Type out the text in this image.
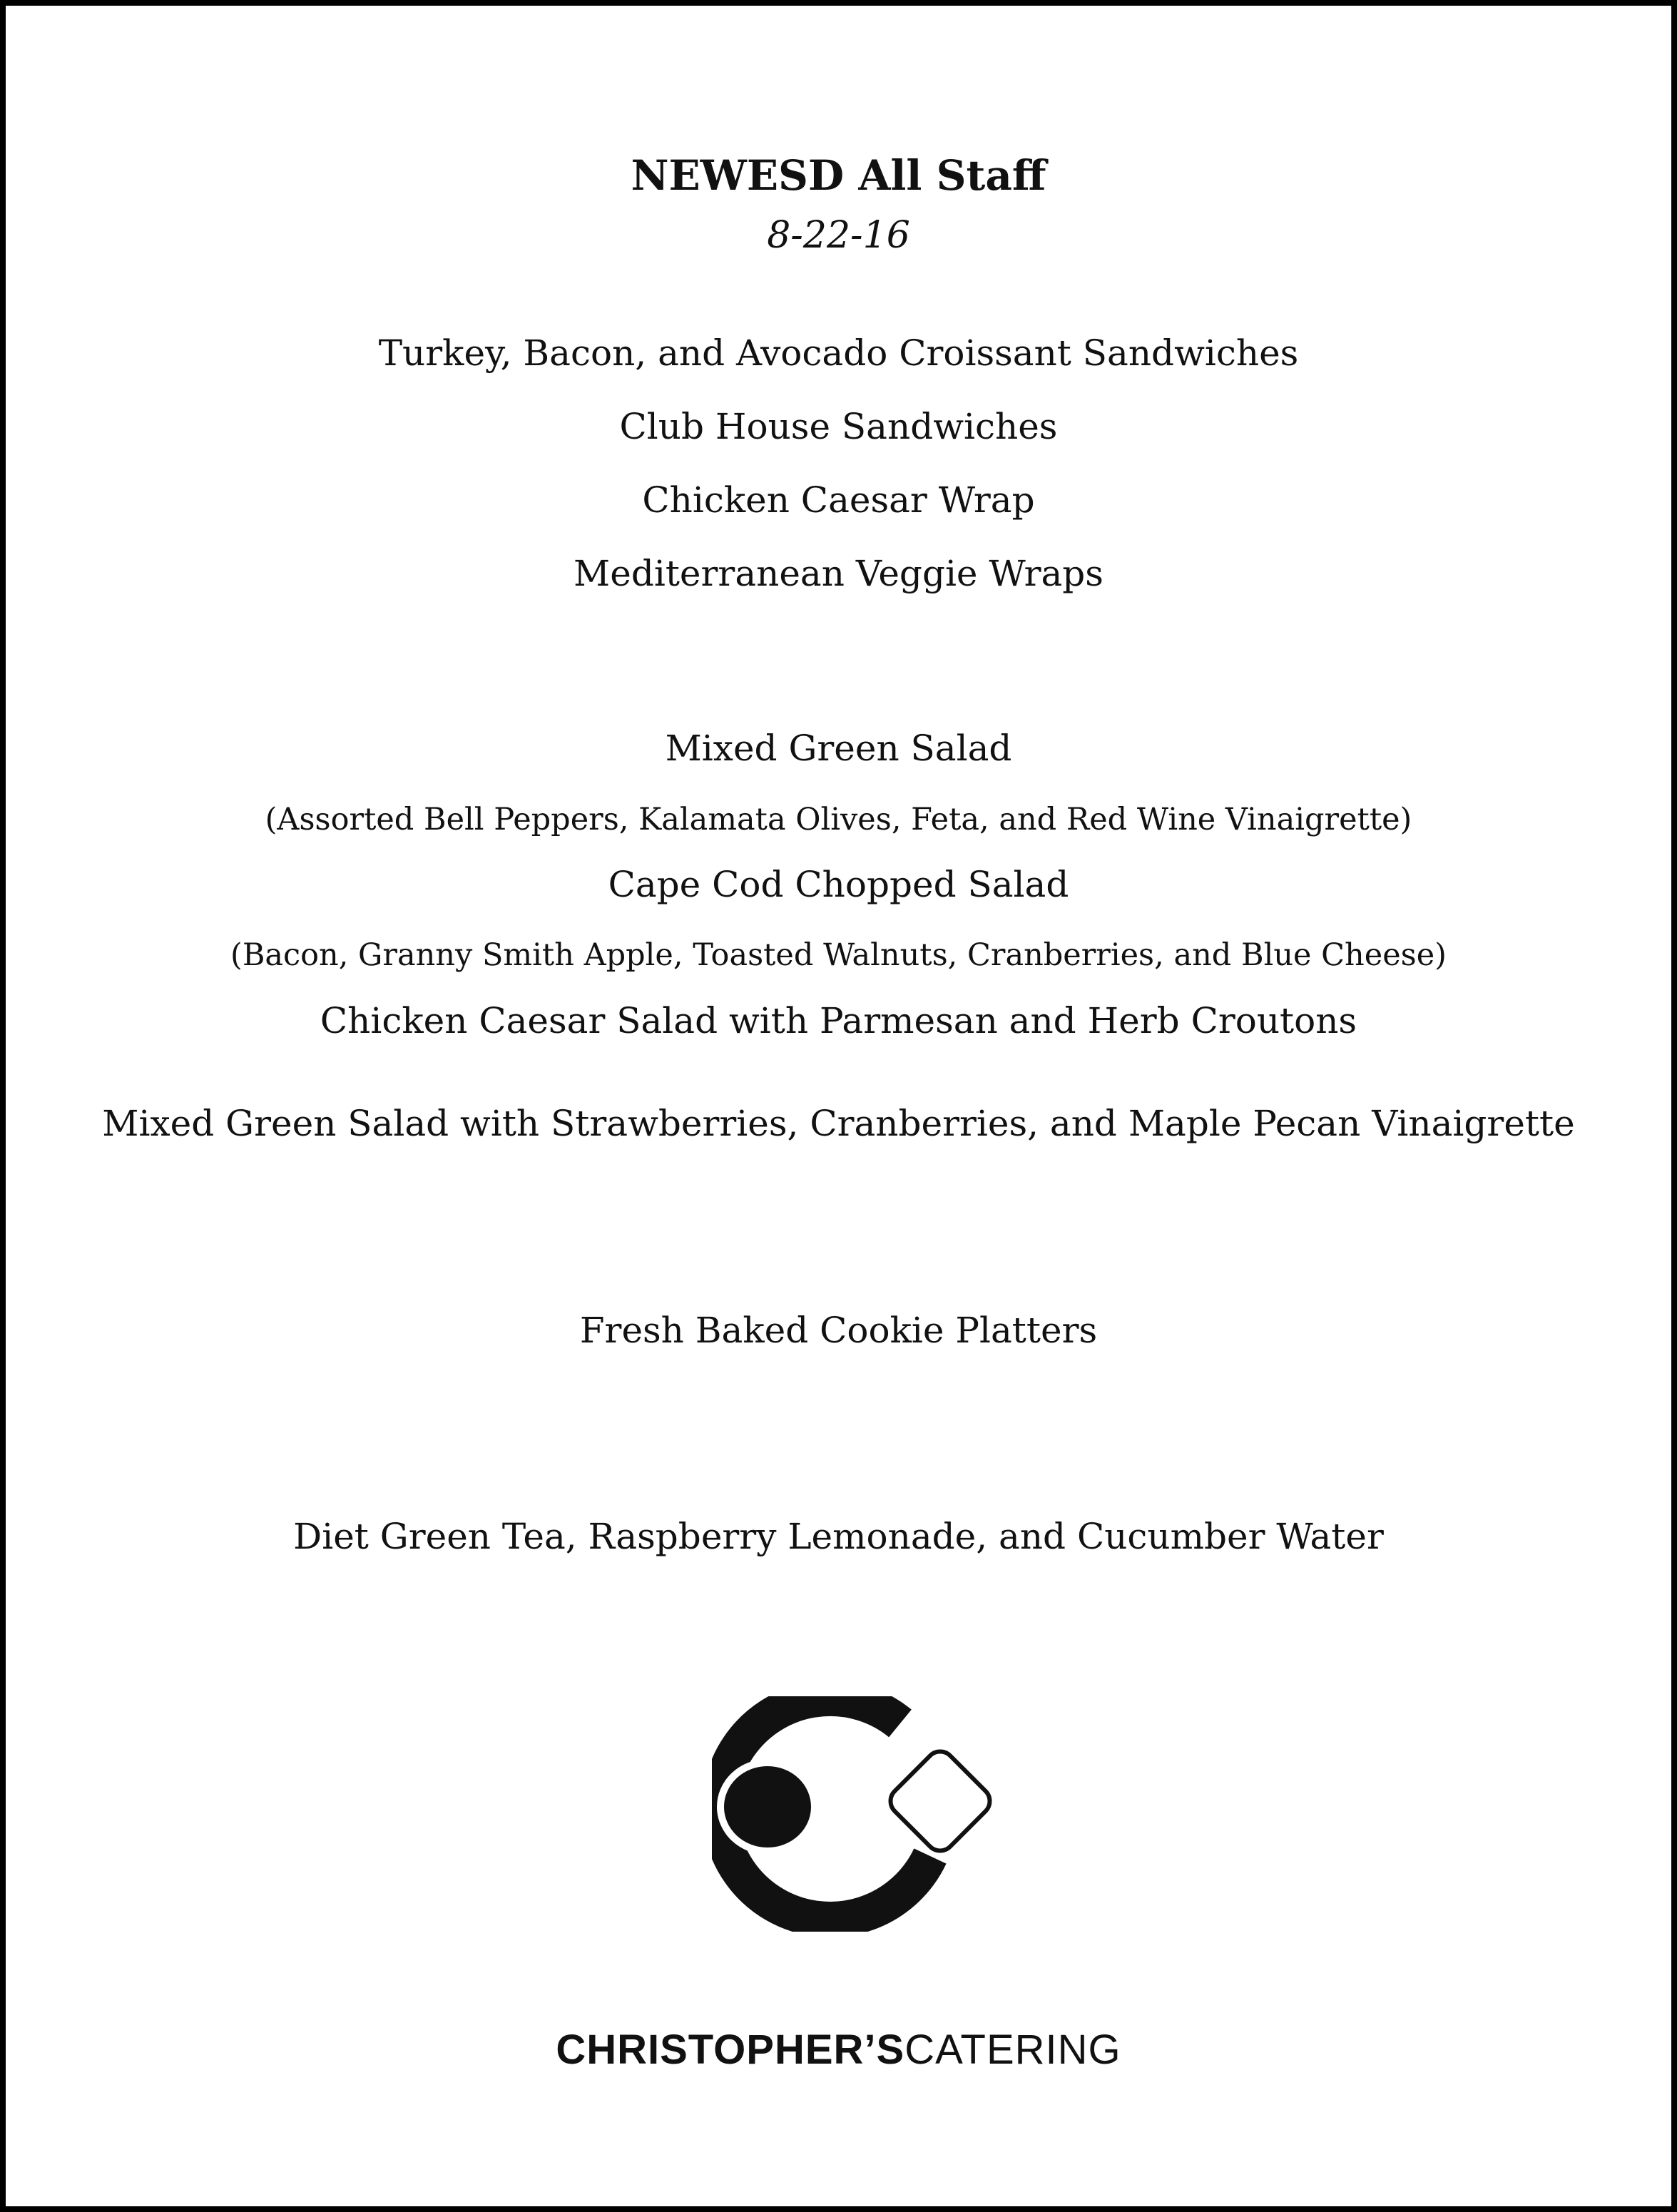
NEWESD All Staff
8-22-16
Turkey, Bacon, and Avocado Croissant Sandwiches
Club House Sandwiches
Chicken Caesar Wrap
Mediterranean Veggie Wraps
Mixed Green Salad
(Assorted Bell Peppers, Kalamata Olives, Feta, and Red Wine Vinaigrette)
Cape Cod Chopped Salad
(Bacon, Granny Smith Apple, Toasted Walnuts, Cranberries, and Blue Cheese)
Chicken Caesar Salad with Parmesan and Herb Croutons
Mixed Green Salad with Strawberries, Cranberries, and Maple Pecan Vinaigrette
Fresh Baked Cookie Platters
Diet Green Tea, Raspberry Lemonade, and Cucumber Water
CHRISTOPHER’SCATERING
